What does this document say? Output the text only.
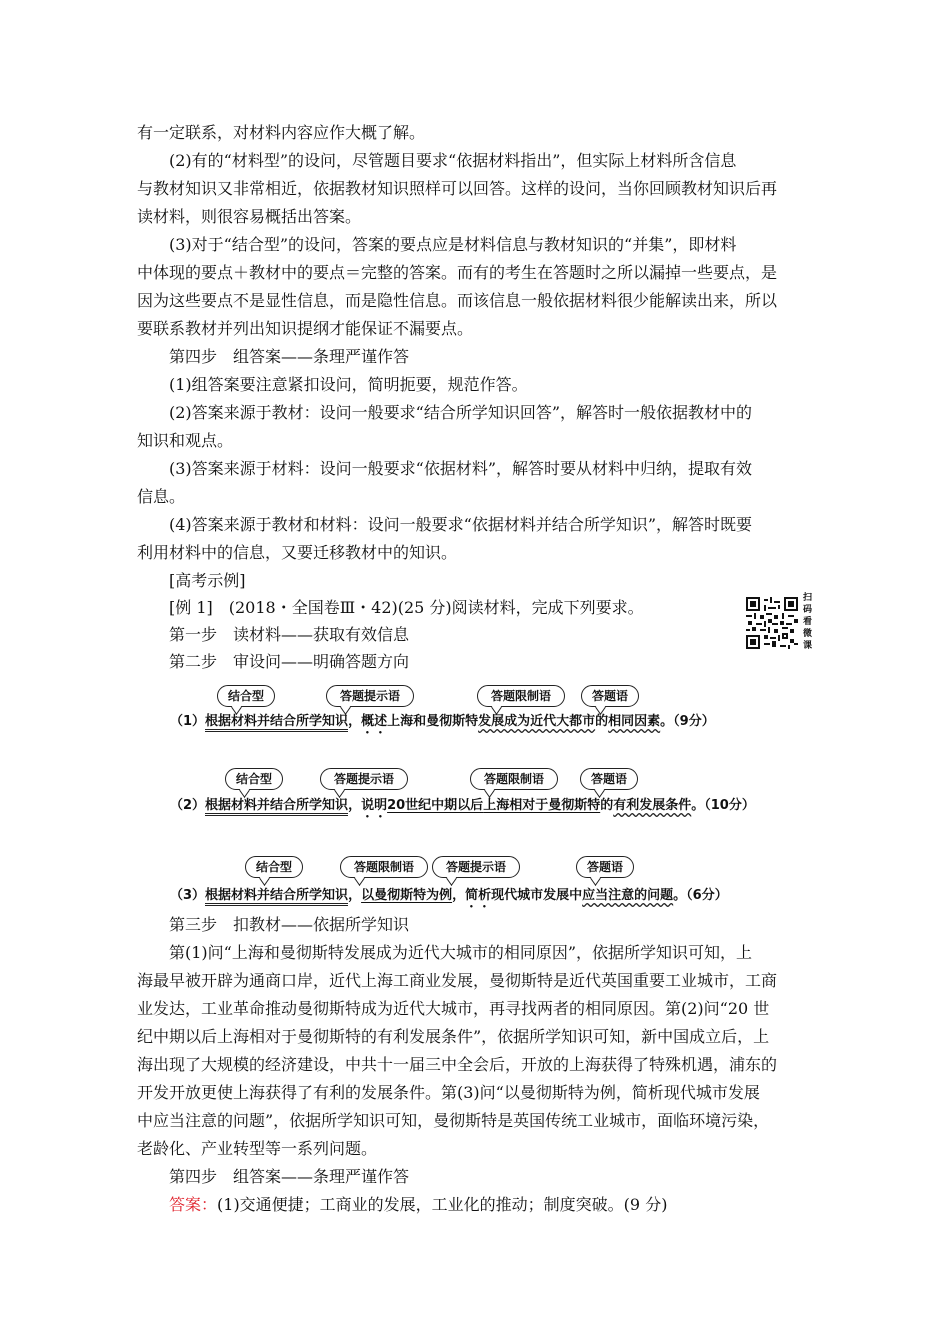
有一定联系，对材料内容应作大概了解。
(2)有的“材料型”的设问，尽管题目要求“依据材料指出”，但实际上材料所含信息
与教材知识又非常相近，依据教材知识照样可以回答。这样的设问，当你回顾教材知识后再
读材料，则很容易概括出答案。
(3)对于“结合型”的设问，答案的要点应是材料信息与教材知识的“并集”，即材料
中体现的要点＋教材中的要点＝完整的答案。而有的考生在答题时之所以漏掉一些要点，是
因为这些要点不是显性信息，而是隐性信息。而该信息一般依据材料很少能解读出来，所以
要联系教材并列出知识提纲才能保证不漏要点。
第四步　组答案——条理严谨作答
(1)组答案要注意紧扣设问，简明扼要，规范作答。
(2)答案来源于教材：设问一般要求“结合所学知识回答”，解答时一般依据教材中的
知识和观点。
(3)答案来源于材料：设问一般要求“依据材料”，解答时要从材料中归纳，提取有效
信息。
(4)答案来源于教材和材料：设问一般要求“依据材料并结合所学知识”，解答时既要
利用材料中的信息，又要迁移教材中的知识。
[高考示例]
[例 1]　(2018・全国卷Ⅲ・42)(25 分)阅读材料，完成下列要求。
第一步　读材料——获取有效信息
第二步　审设问——明确答题方向
扫码看微课
结合型	答题提示语	答题限制语	答题语
（1）根据材料并结合所学知识，概述上海和曼彻斯特发展成为近代大都市的相同因素。（9分）
结合型	答题提示语	答题限制语	答题语
（2）根据材料并结合所学知识，说明20世纪中期以后上海相对于曼彻斯特的有利发展条件。（10分）
结合型	答题限制语	答题提示语	答题语
（3）根据材料并结合所学知识，以曼彻斯特为例，简析现代城市发展中应当注意的问题。（6分）
第三步　扣教材——依据所学知识
第(1)问“上海和曼彻斯特发展成为近代大城市的相同原因”，依据所学知识可知，上
海最早被开辟为通商口岸，近代上海工商业发展，曼彻斯特是近代英国重要工业城市，工商
业发达，工业革命推动曼彻斯特成为近代大城市，再寻找两者的相同原因。第(2)问“20 世
纪中期以后上海相对于曼彻斯特的有利发展条件”，依据所学知识可知，新中国成立后，上
海出现了大规模的经济建设，中共十一届三中全会后，开放的上海获得了特殊机遇，浦东的
开发开放更使上海获得了有利的发展条件。第(3)问“以曼彻斯特为例，简析现代城市发展
中应当注意的问题”，依据所学知识可知，曼彻斯特是英国传统工业城市，面临环境污染，
老龄化、产业转型等一系列问题。
第四步　组答案——条理严谨作答
答案：(1)交通便捷；工商业的发展，工业化的推动；制度突破。(9 分)
